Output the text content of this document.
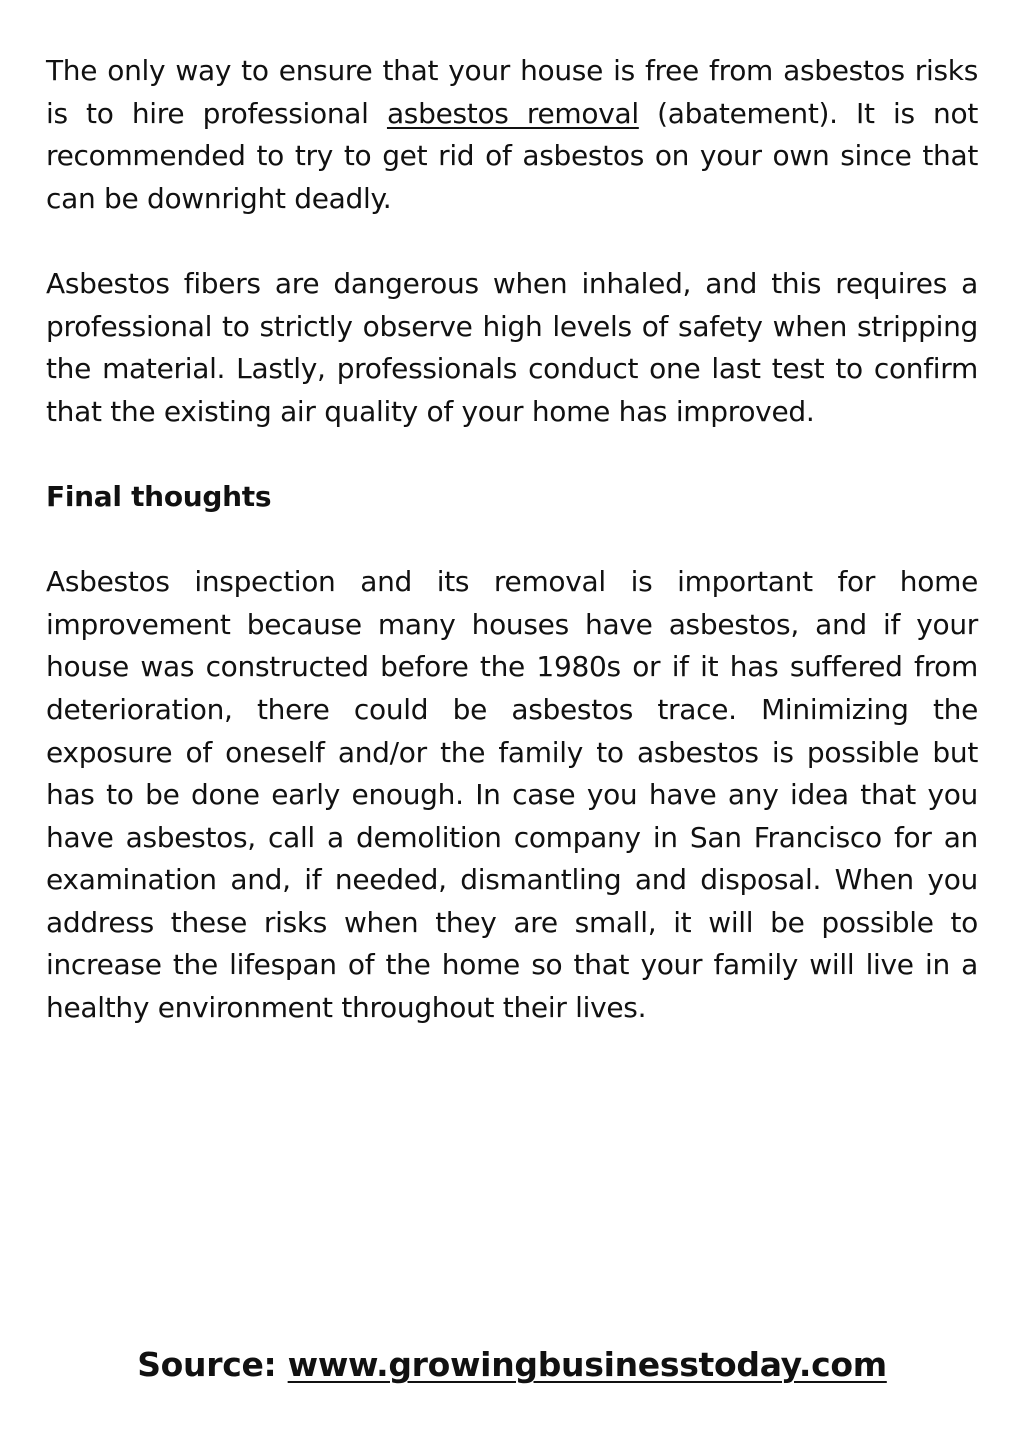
The only way to ensure that your house is free from asbestos risks is to hire professional asbestos removal (abatement). It is not recommended to try to get rid of asbestos on your own since that can be downright deadly.

Asbestos fibers are dangerous when inhaled, and this requires a professional to strictly observe high levels of safety when stripping the material. Lastly, professionals conduct one last test to confirm that the existing air quality of your home has improved.

Final thoughts

Asbestos inspection and its removal is important for home improvement because many houses have asbestos, and if your house was constructed before the 1980s or if it has suffered from deterioration, there could be asbestos trace. Minimizing the exposure of oneself and/or the family to asbestos is possible but has to be done early enough. In case you have any idea that you have asbestos, call a demolition company in San Francisco for an examination and, if needed, dismantling and disposal. When you address these risks when they are small, it will be possible to increase the lifespan of the home so that your family will live in a healthy environment throughout their lives.

Source: www.growingbusinesstoday.com
